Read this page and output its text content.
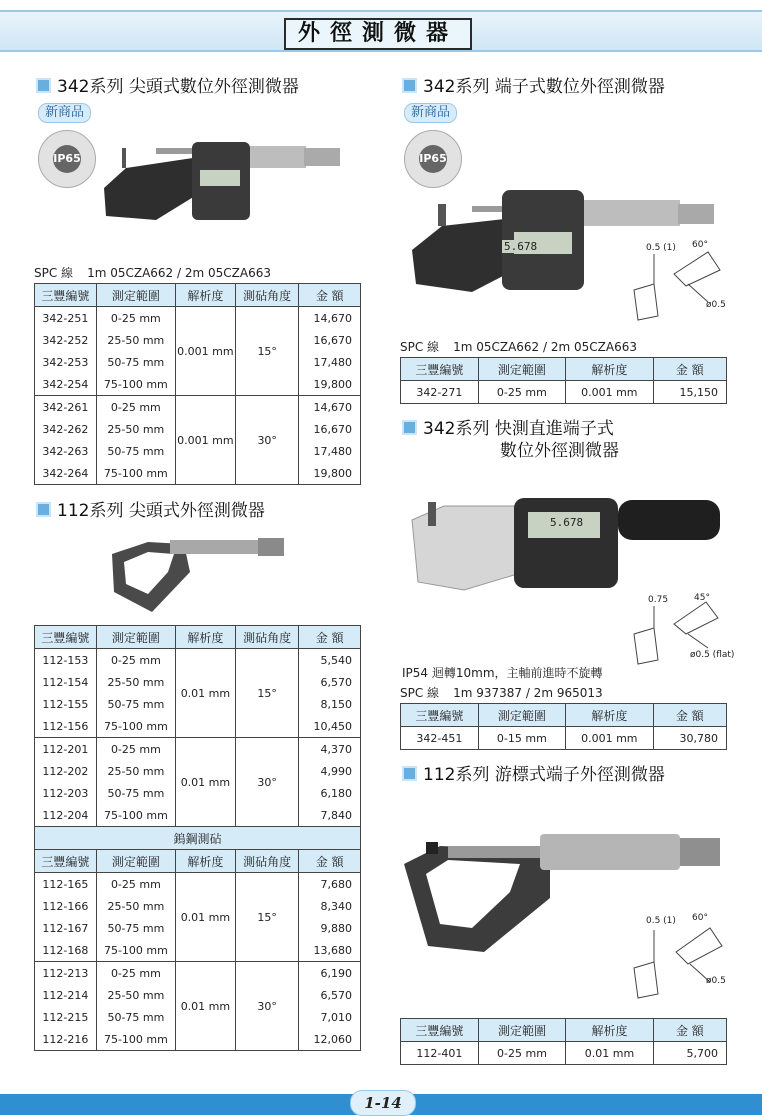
外徑測微器
342系列 尖頭式數位外徑測微器
新商品
IP65
SPC 線 1m 05CZA662 / 2m 05CZA663
三豐編號	測定範圍	解析度	測砧角度	金 額
342-251	0-25 mm	0.001 mm	15°	14,670
342-252	25-50 mm			16,670
342-253	50-75 mm			17,480
342-254	75-100 mm			19,800
342-261	0-25 mm	0.001 mm	30°	14,670
342-262	25-50 mm			16,670
342-263	50-75 mm			17,480
342-264	75-100 mm			19,800
112系列 尖頭式外徑測微器
三豐編號	測定範圍	解析度	測砧角度	金 額
112-153	0-25 mm	0.01 mm	15°	5,540
112-154	25-50 mm			6,570
112-155	50-75 mm			8,150
112-156	75-100 mm			10,450
112-201	0-25 mm	0.01 mm	30°	4,370
112-202	25-50 mm			4,990
112-203	50-75 mm			6,180
112-204	75-100 mm			7,840
鎢鋼測砧				
三豐編號	測定範圍	解析度	測砧角度	金 額
112-165	0-25 mm	0.01 mm	15°	7,680
112-166	25-50 mm			8,340
112-167	50-75 mm			9,880
112-168	75-100 mm			13,680
112-213	0-25 mm	0.01 mm	30°	6,190
112-214	25-50 mm			6,570
112-215	50-75 mm			7,010
112-216	75-100 mm			12,060
342系列 端子式數位外徑測微器
新商品
IP65
5.678	0.5 (1) 60°
ø0.5
SPC 線 1m 05CZA662 / 2m 05CZA663
三豐編號	測定範圍	解析度	金 額
342-271	0-25 mm	0.001 mm	15,150
342系列 快測直進端子式
數位外徑測微器
5.678
0.75	45°
ø0.5 (flat)
IP54 迴轉10mm，主軸前進時不旋轉
SPC 線 1m 937387 / 2m 965013
三豐編號	測定範圍	解析度	金 額
342-451	0-15 mm	0.001 mm	30,780
112系列 游標式端子外徑測微器
0.5 (1) 60°
ø0.5
三豐編號	測定範圍	解析度	金 額
112-401	0-25 mm	0.01 mm	5,700
1-14
